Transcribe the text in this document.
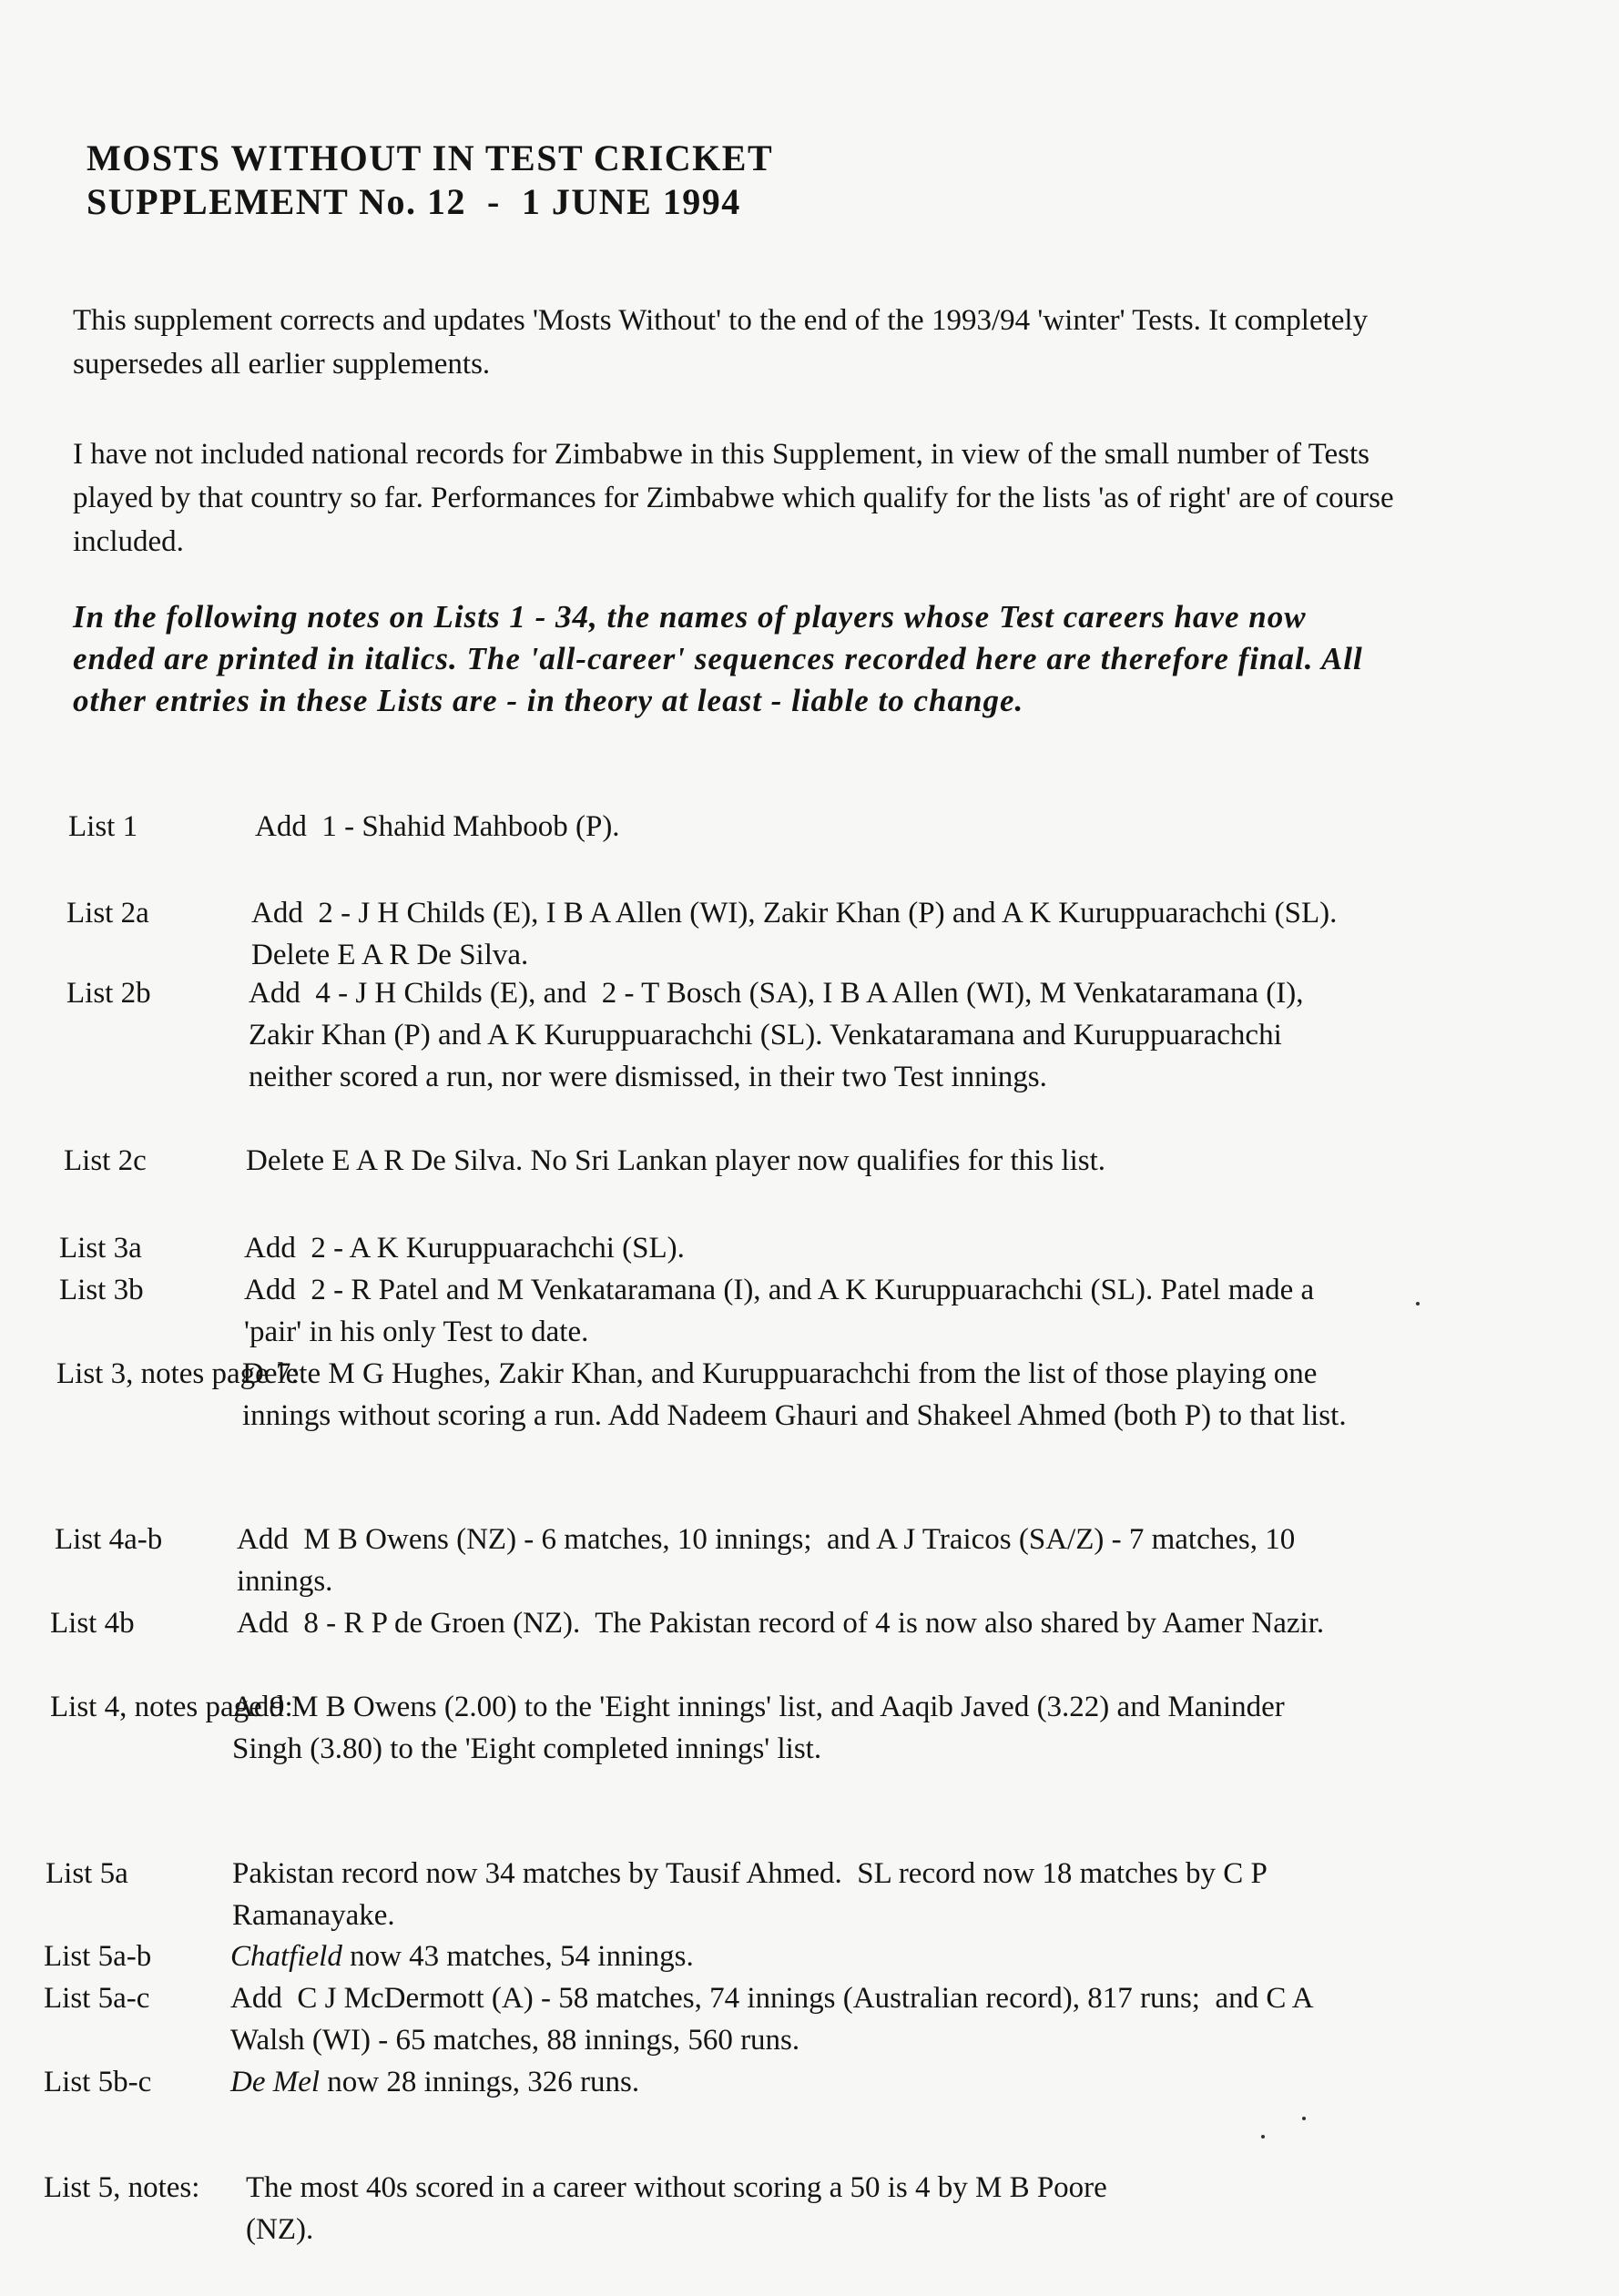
MOSTS WITHOUT IN TEST CRICKET
SUPPLEMENT No. 12  -  1 JUNE 1994
This supplement corrects and updates 'Mosts Without' to the end of the 1993/94 'winter' Tests. It completely supersedes all earlier supplements.
I have not included national records for Zimbabwe in this Supplement, in view of the small number of Tests played by that country so far. Performances for Zimbabwe which qualify for the lists 'as of right' are of course included.
In the following notes on Lists 1 - 34, the names of players whose Test careers have now ended are printed in italics. The 'all-career' sequences recorded here are therefore final. All other entries in these Lists are - in theory at least - liable to change.
List 1	Add  1 - Shahid Mahboob (P).
List 2a	Add  2 - J H Childs (E), I B A Allen (WI), Zakir Khan (P) and A K Kuruppuarachchi (SL). Delete E A R De Silva.
List 2b	Add  4 - J H Childs (E), and  2 - T Bosch (SA), I B A Allen (WI), M Venkataramana (I), Zakir Khan (P) and A K Kuruppuarachchi (SL). Venkataramana and Kuruppuarachchi neither scored a run, nor were dismissed, in their two Test innings.
List 2c	Delete E A R De Silva. No Sri Lankan player now qualifies for this list.
List 3a	Add  2 - A K Kuruppuarachchi (SL).
List 3b	Add  2 - R Patel and M Venkataramana (I), and A K Kuruppuarachchi (SL). Patel made a 'pair' in his only Test to date.
List 3, notes page 7:
Delete M G Hughes, Zakir Khan, and Kuruppuarachchi from the list of those playing one innings without scoring a run. Add Nadeem Ghauri and Shakeel Ahmed (both P) to that list.
List 4a-b Add  M B Owens (NZ) - 6 matches, 10 innings;  and A J Traicos (SA/Z) - 7 matches, 10 innings.
List 4b	Add  8 - R P de Groen (NZ).  The Pakistan record of 4 is now also shared by Aamer Nazir.
List 4, notes page 9:
Add M B Owens (2.00) to the 'Eight innings' list, and Aaqib Javed (3.22) and Maninder Singh (3.80) to the 'Eight completed innings' list.
List 5a	Pakistan record now 34 matches by Tausif Ahmed.  SL record now 18 matches by C P Ramanayake.
List 5a-b	Chatfield now 43 matches, 54 innings.
List 5a-c	Add  C J McDermott (A) - 58 matches, 74 innings (Australian record), 817 runs;  and C A Walsh (WI) - 65 matches, 88 innings, 560 runs.
List 5b-c	De Mel now 28 innings, 326 runs.
List 5, notes: The most 40s scored in a career without scoring a 50 is 4 by M B Poore (NZ).
